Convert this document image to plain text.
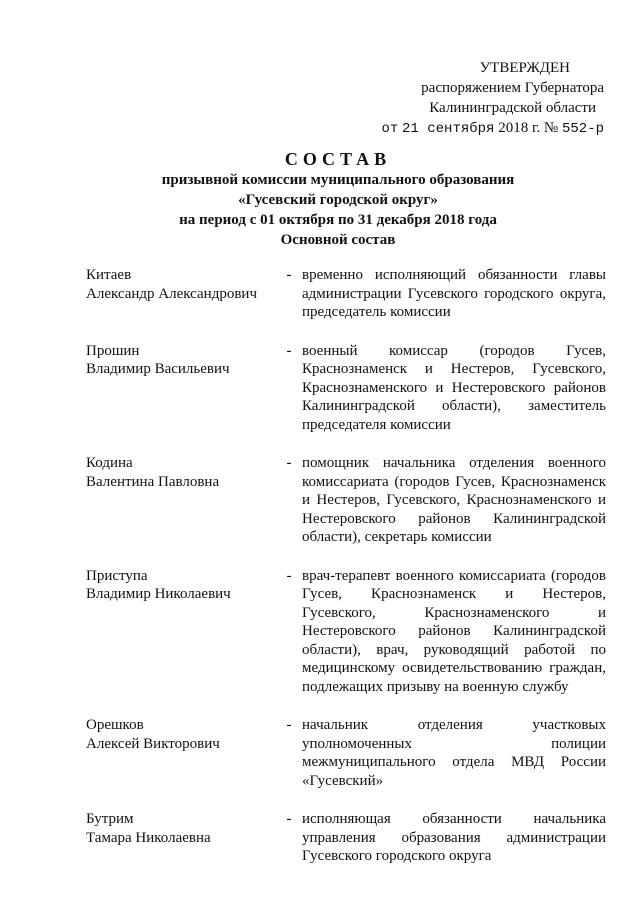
УТВЕРЖДЕН
распоряжением Губернатора
Калининградской области
от 21 сентября 2018 г. № 552-р
СОСТАВ
призывной комиссии муниципального образования
«Гусевский городской округ»
на период с 01 октября по 31 декабря 2018 года
Основной состав
Китаев
Александр Александрович
- временно исполняющий обязанности главы администрации Гусевского городского округа, председатель комиссии
Прошин
Владимир Васильевич
- военный комиссар (городов Гусев, Краснознаменск и Нестеров, Гусевского, Краснознаменского и Нестеровского районов Калининградской области), заместитель председателя комиссии
Кодина
Валентина Павловна
- помощник начальника отделения военного комиссариата (городов Гусев, Краснознаменск и Нестеров, Гусевского, Краснознаменского и Нестеровского районов Калининградской области), секретарь комиссии
Приступа
Владимир Николаевич
- врач-терапевт военного комиссариата (городов Гусев, Краснознаменск и Нестеров, Гусевского, Краснознаменского и Нестеровского районов Калининградской области), врач, руководящий работой по медицинскому освидетельствованию граждан, подлежащих призыву на военную службу
Орешков
Алексей Викторович
- начальник отделения участковых уполномоченных полиции межмуниципального отдела МВД России «Гусевский»
Бутрим
Тамара Николаевна
- исполняющая обязанности начальника управления образования администрации Гусевского городского округа
